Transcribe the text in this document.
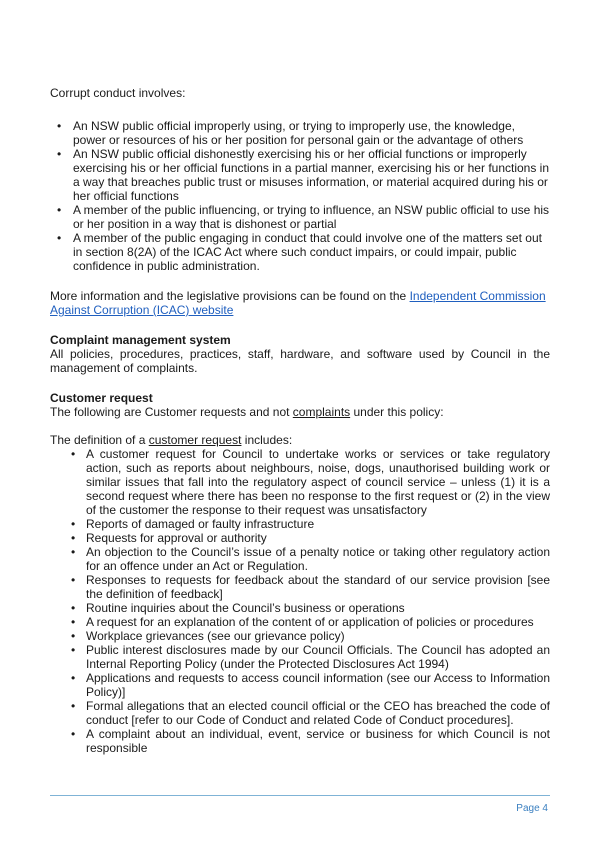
Corrupt conduct involves:

• An NSW public official improperly using, or trying to improperly use, the knowledge, power or resources of his or her position for personal gain or the advantage of others
• An NSW public official dishonestly exercising his or her official functions or improperly exercising his or her official functions in a partial manner, exercising his or her functions in a way that breaches public trust or misuses information, or material acquired during his or her official functions
• A member of the public influencing, or trying to influence, an NSW public official to use his or her position in a way that is dishonest or partial
• A member of the public engaging in conduct that could involve one of the matters set out in section 8(2A) of the ICAC Act where such conduct impairs, or could impair, public confidence in public administration.

More information and the legislative provisions can be found on the Independent Commission Against Corruption (ICAC) website

Complaint management system

All policies, procedures, practices, staff, hardware, and software used by Council in the management of complaints.

Customer request

The following are Customer requests and not complaints under this policy:

The definition of a customer request includes:

• A customer request for Council to undertake works or services or take regulatory action, such as reports about neighbours, noise, dogs, unauthorised building work or similar issues that fall into the regulatory aspect of council service – unless (1) it is a second request where there has been no response to the first request or (2) in the view of the customer the response to their request was unsatisfactory
• Reports of damaged or faulty infrastructure
• Requests for approval or authority
• An objection to the Council’s issue of a penalty notice or taking other regulatory action for an offence under an Act or Regulation.
• Responses to requests for feedback about the standard of our service provision [see the definition of feedback]
• Routine inquiries about the Council’s business or operations
• A request for an explanation of the content of or application of policies or procedures
• Workplace grievances (see our grievance policy)
• Public interest disclosures made by our Council Officials. The Council has adopted an Internal Reporting Policy (under the Protected Disclosures Act 1994)
• Applications and requests to access council information (see our Access to Information Policy)]
• Formal allegations that an elected council official or the CEO has breached the code of conduct [refer to our Code of Conduct and related Code of Conduct procedures].
• A complaint about an individual, event, service or business for which Council is not responsible
Page 4
